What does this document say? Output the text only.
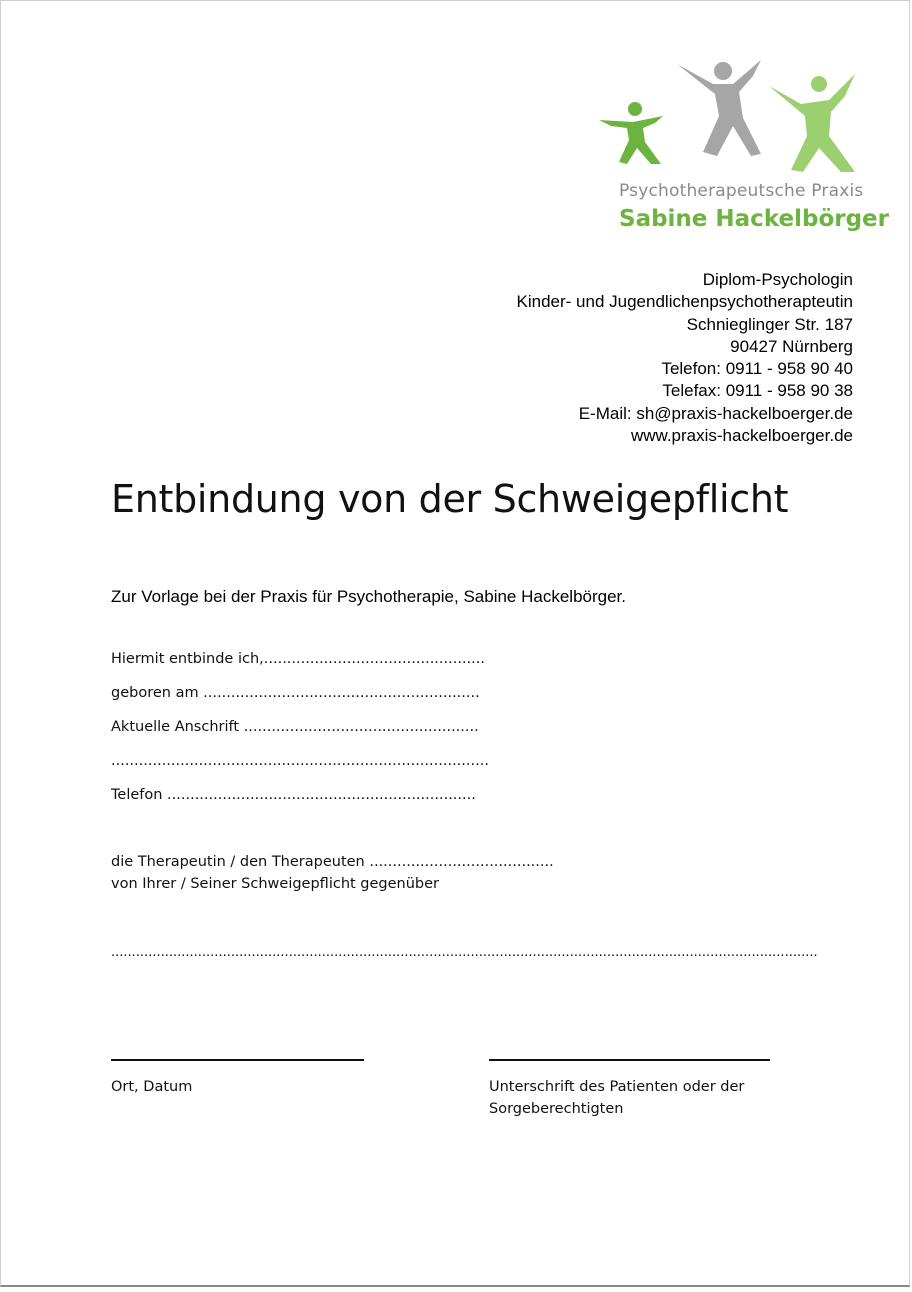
Psychotherapeutsche Praxis
Sabine Hackelbörger
Diplom-Psychologin
Kinder- und Jugendlichenpsychotherapteutin
Schnieglinger Str. 187
90427 Nürnberg
Telefon: 0911 - 958 90 40
Telefax: 0911 - 958 90 38
E-Mail: sh@praxis-hackelboerger.de
www.praxis-hackelboerger.de
Entbindung von der Schweigepflicht
Zur Vorlage bei der Praxis für Psychotherapie, Sabine Hackelbörger.
Hiermit entbinde ich,................................................
geboren am ............................................................
Aktuelle Anschrift ...................................................
..................................................................................
Telefon ...................................................................
die Therapeutin / den Therapeuten ........................................
von Ihrer / Seiner Schweigepflicht gegenüber
...........................................................................................................................................................................
Ort, Datum	Unterschrift des Patienten oder der
Sorgeberechtigten
